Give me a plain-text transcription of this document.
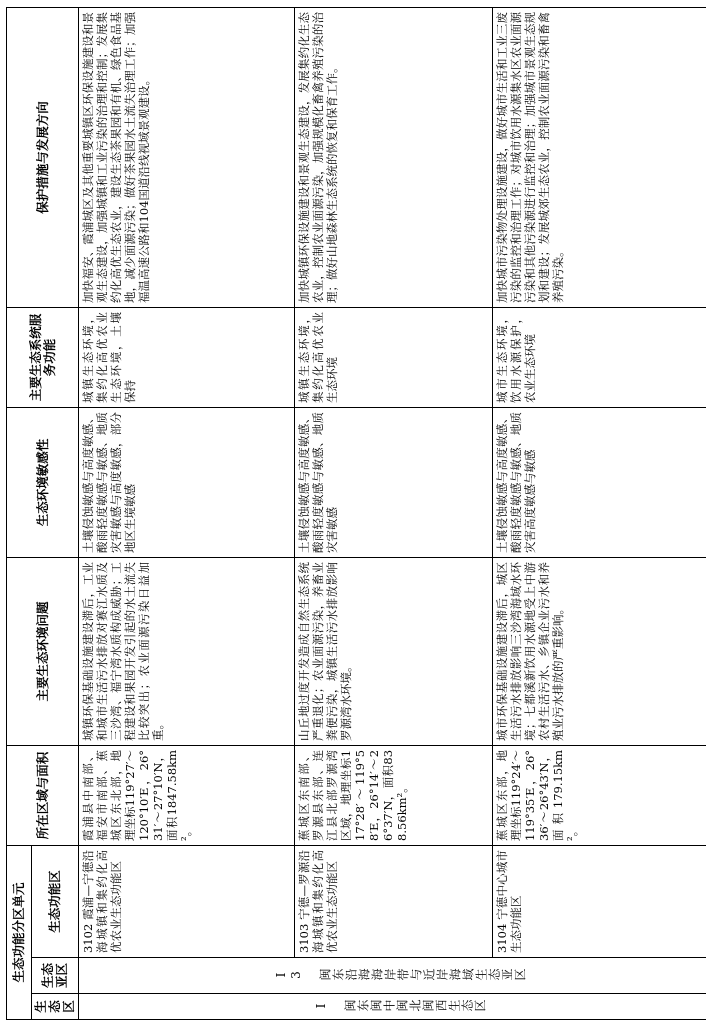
生态功能分区单元			所在区域与面积	主要生态环境问题	生态环境敏感性	主要生态系统服务功能	保护措施与发展方向
生态区	生态亚区	生态功能区					
I 闽东闽中闽北闽西生态区	I3 闽东沿海海岸带与近岸海域生态亚区	3102 霞浦—宁德沿海城镇和集约化高优农业生态功能区	霞浦县中南部、福安市南部、蕉城区东北部，地理坐标119°27′～120°10′E，26°31′～27°10′N，面积1847.58km²。	城镇环保基础设施建设滞后，工业和城市生活污水排放对赛江水质及三沙湾、福宁湾水质构成威胁；工程建设和果园开发引起的水土流失比较突出；农业面源污染日益加重。	土壤侵蚀敏感与高度敏感、酸雨轻度敏感与敏感、地质灾害敏感与高度敏感，部分地区生境敏感	城镇生态环境，集约化高优农业生态环境，土壤保持	加快福安、霞浦城区及其他重要城镇区环保设施建设和景观生态建设，加强城镇和工业污染的治理和控制；发展集约化高优生态农业，建设生态茶果园和有机、绿色食品基地，减少面源污染；做好茶果园水土流失治理工作；加强福温高速公路和104国道沿线视域景观建设。

		3103 宁德—罗源沿海城镇和集约化高优农业生态功能区	蕉城区东南部、罗源县东部、连江县北部罗源湾区域，地理坐标117°28′～119°58′E，26°14′～26°37′N，面积838.56km²。	山丘地过度开发造成自然生态系统严重退化；农业面源污染，养畜业粪便污染，城镇生活污水排放影响罗源湾水环境。	土壤侵蚀敏感与高度敏感、酸雨轻度敏感与敏感、地质灾害敏感	城镇生态环境，集约化高优农业生态环境	加快城镇环保设施建设和景观生态建设，发展集约化生态农业，控制农业面源污染，加强规模化畜禽养殖污染的治理；做好山地森林生态系统的恢复和保育工作。

		3104 宁德中心城市生态功能区	蕉城区东部，地理坐标119°24′～119°35′E，26°36′～26°43′N，面积179.15km²。	城市环保基础设施建设滞后，城区生活污水排放影响三沙湾海域水环境；七都溪新饮用水源地受上中游农村生活污水、乡镇企业污水和养殖业污水排放的严重影响。	土壤侵蚀敏感与高度敏感、酸雨轻度敏感与敏感、地质灾害高度敏感与敏感	城市生态环境，饮用水源保护，农业生态环境	加快城市污染物处理设施建设，做好城市生活和工业三废污染的监控和治理工作；对城市饮用水源集水区农业面源污染和其他污染源进行监控和治理；加强城市景观生态规划和建设；发展城郊生态农业，控制农业面源污染和畜禽养殖污染。
